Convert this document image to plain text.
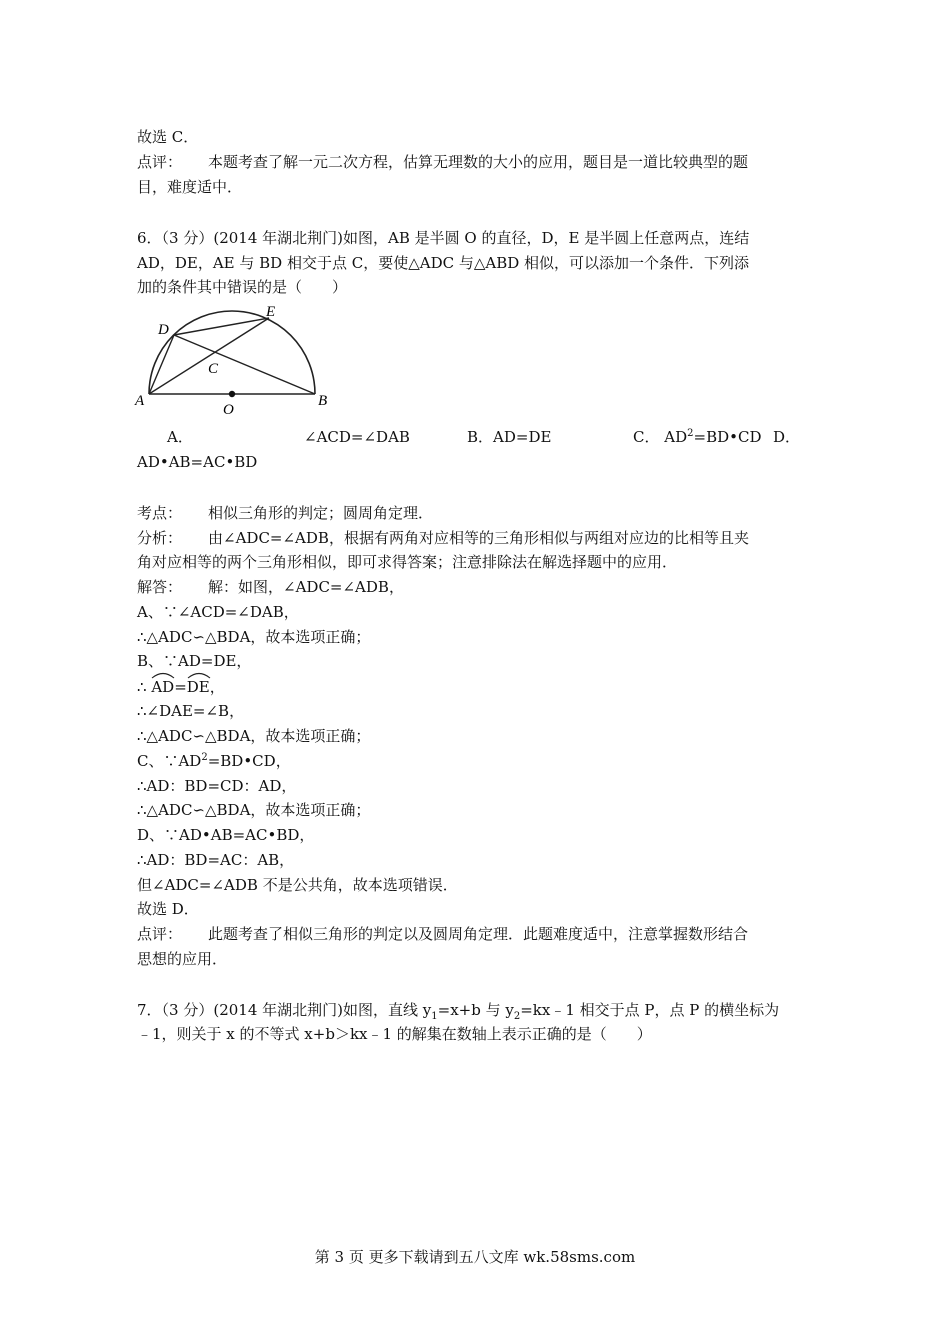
故选 C．
点评： 本题考查了解一元二次方程，估算无理数的大小的应用，题目是一道比较典型的题
目，难度适中．
6．（3 分）(2014 年湖北荆门)如图，AB 是半圆 O 的直径，D，E 是半圆上任意两点，连结
AD，DE，AE 与 BD 相交于点 C，要使△ADC 与△ABD 相似，可以添加一个条件．下列添
加的条件其中错误的是（　　）
A	B
C
D
E
O
A．	∠ACD=∠DAB	B．AD=DE	C． $AD^2=BD•CD$ D．
AD•AB=AC•BD
考点： 相似三角形的判定；圆周角定理．
分析： 由∠ADC=∠ADB，根据有两角对应相等的三角形相似与两组对应边的比相等且夹
角对应相等的两个三角形相似，即可求得答案；注意排除法在解选择题中的应用．
解答： 解：如图，∠ADC=∠ADB，
A、∵∠ACD=∠DAB，
∴△ADC∽△BDA，故本选项正确；
B、∵AD=DE，
∴ AD=
DE，
∴∠DAE=∠B，
∴△ADC∽△BDA，故本选项正确；
C、$\because AD^2=BD•CD$，
∴AD：BD=CD：AD，
∴△ADC∽△BDA，故本选项正确；
D、∵AD•AB=AC•BD，
∴AD：BD=AC：AB，
但∠ADC=∠ADB 不是公共角，故本选项错误．
故选 D．
点评： 此题考查了相似三角形的判定以及圆周角定理．此题难度适中，注意掌握数形结合
思想的应用．
7．（3 分）(2014 年湖北荆门)如图，直线 $y_1=x+b$ 与 $y_2=kx﹣1$ 相交于点 P，点 P 的横坐标为
﹣1，则关于 x 的不等式 x+b＞kx﹣1 的解集在数轴上表示正确的是（　　）
第 3 页 更多下载请到五八文库 wk.58sms.com
